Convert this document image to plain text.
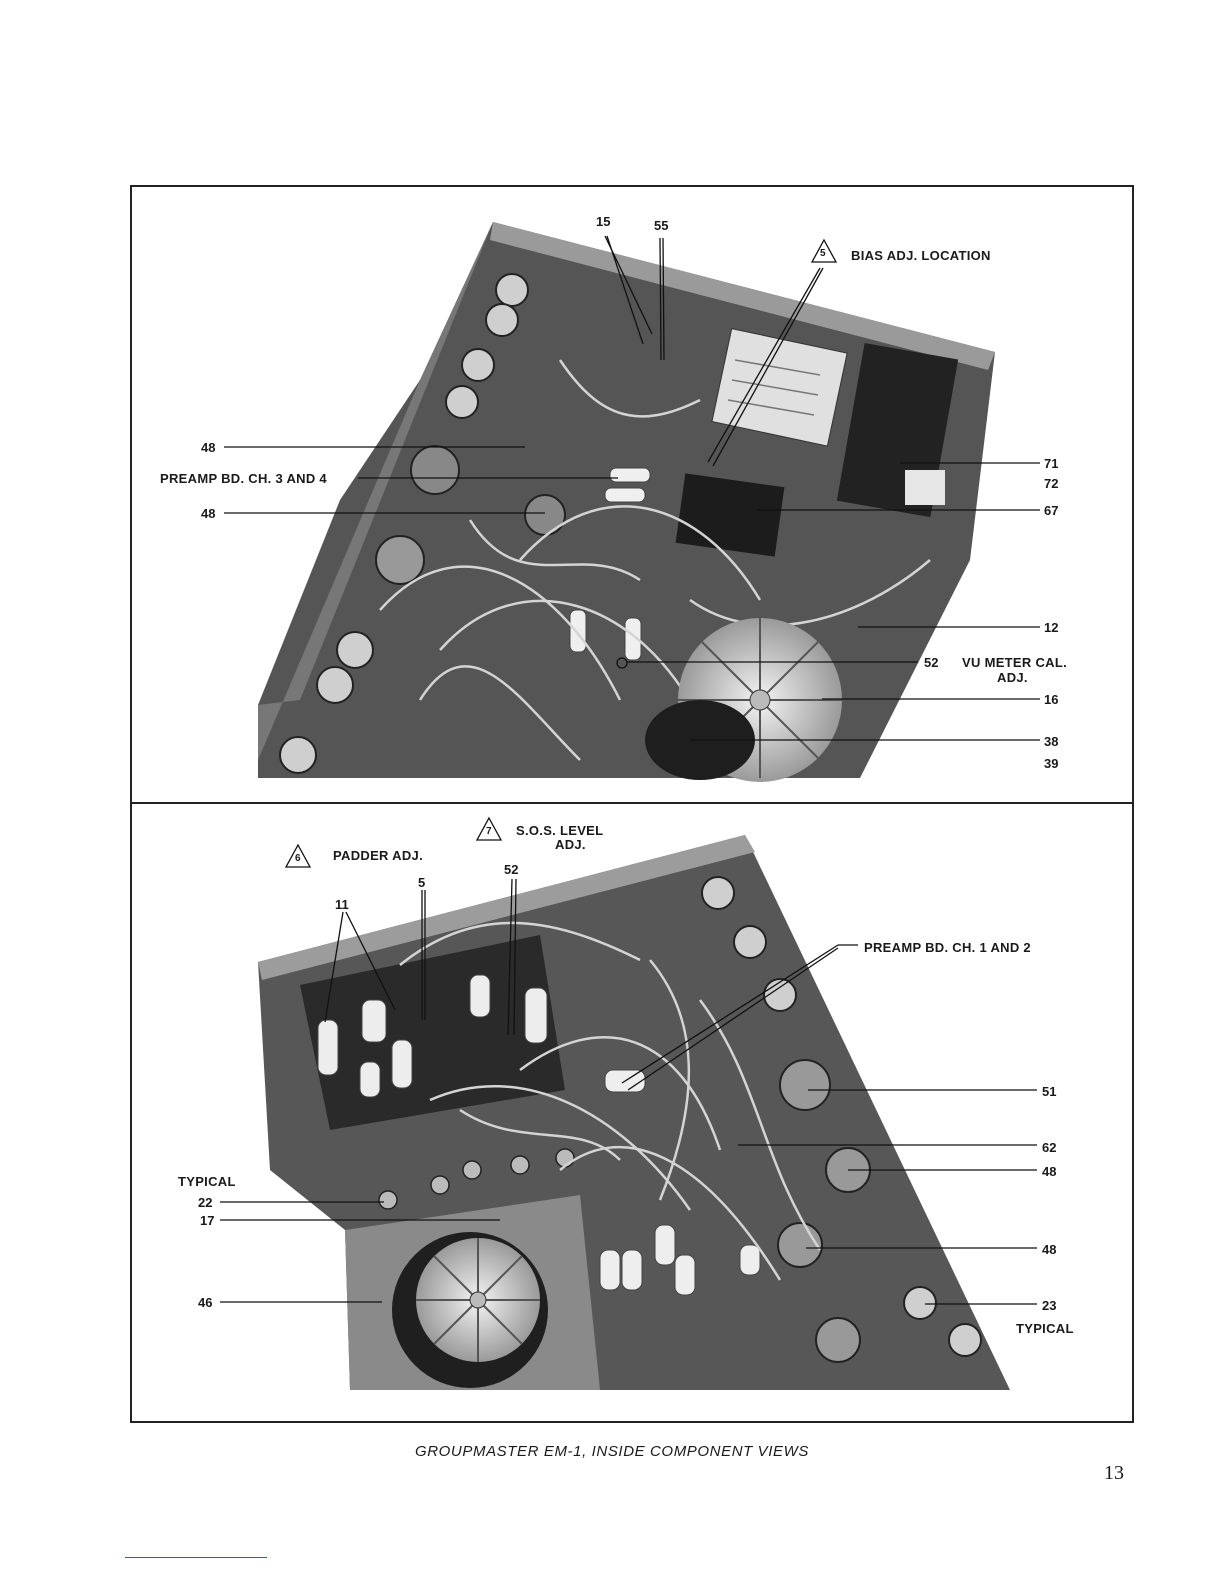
15	55
5 BIAS ADJ. LOCATION
48
PREAMP BD. CH. 3 AND 4
48
71
72
67
12
52 VU METER CAL.
ADJ.
16
38
39
7 S.O.S. LEVEL
ADJ.
6 PADDER ADJ.
5
52
11
PREAMP BD. CH. 1 AND 2
51
62
48
48
TYPICAL
22
17
46	23
TYPICAL
GROUPMASTER EM-1, INSIDE COMPONENT VIEWS
13
